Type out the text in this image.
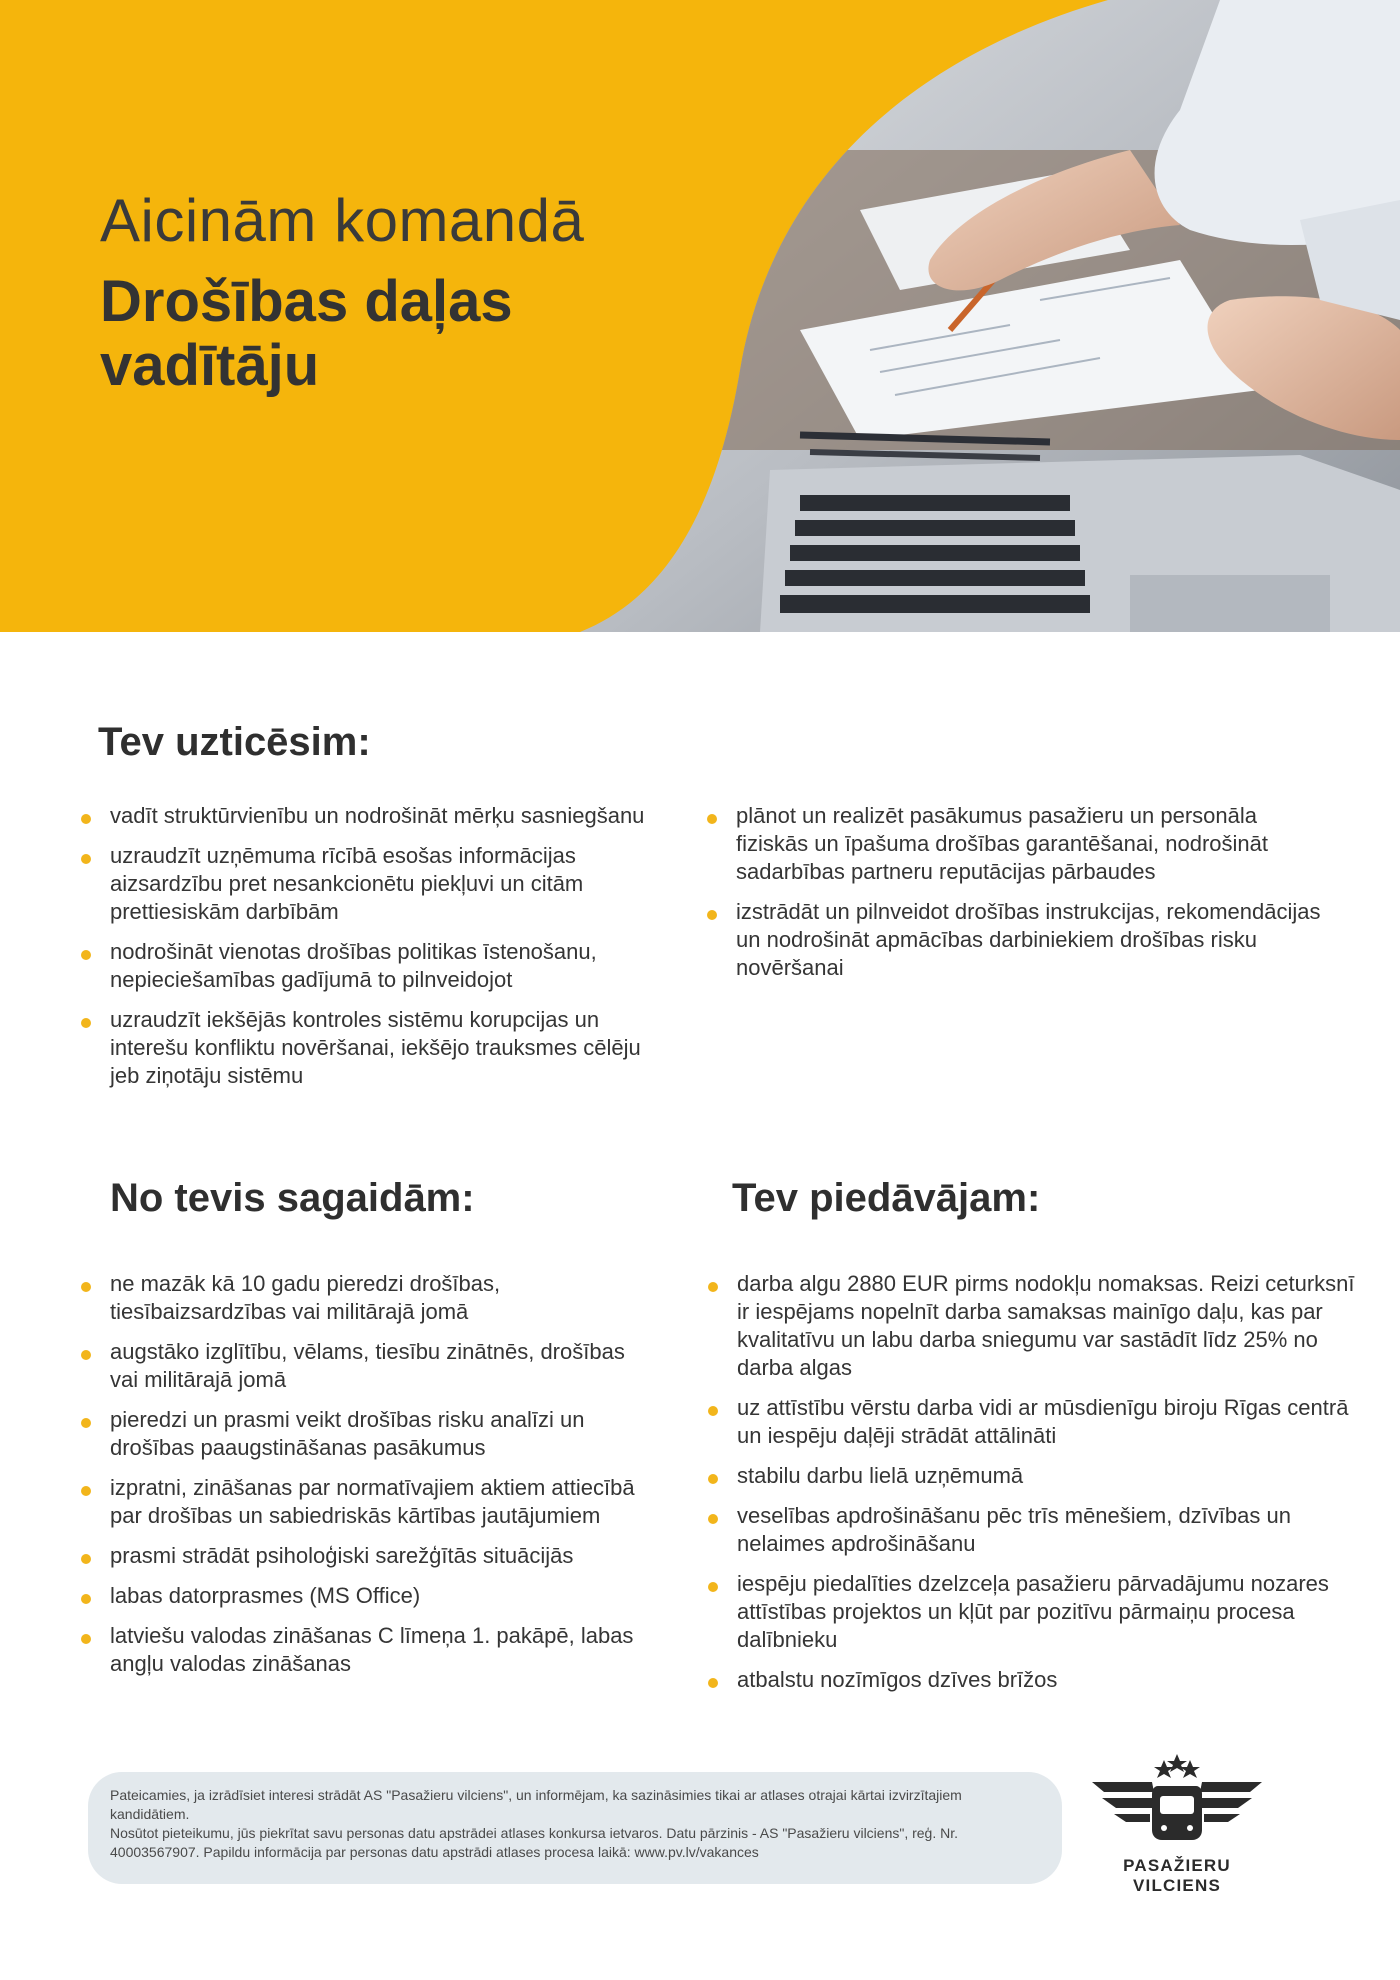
Aicinām komandā
Drošības daļas
vadītāju
Tev uzticēsim:
vadīt struktūrvienību un nodrošināt mērķu sasniegšanu
uzraudzīt uzņēmuma rīcībā esošas informācijas aizsardzību pret nesankcionētu piekļuvi un citām prettiesiskām darbībām
nodrošināt vienotas drošības politikas īstenošanu, nepieciešamības gadījumā to pilnveidojot
uzraudzīt iekšējās kontroles sistēmu korupcijas un interešu konfliktu novēršanai, iekšējo trauksmes cēlēju jeb ziņotāju sistēmu
plānot un realizēt pasākumus pasažieru un personāla fiziskās un īpašuma drošības garantēšanai, nodrošināt sadarbības partneru reputācijas pārbaudes
izstrādāt un pilnveidot drošības instrukcijas, rekomendācijas un nodrošināt apmācības darbiniekiem drošības risku novēršanai
No tevis sagaidām:
ne mazāk kā 10 gadu pieredzi drošības, tiesībaizsardzības vai militārajā jomā
augstāko izglītību, vēlams, tiesību zinātnēs, drošības vai militārajā jomā
pieredzi un prasmi veikt drošības risku analīzi un drošības paaugstināšanas pasākumus
izpratni, zināšanas par normatīvajiem aktiem attiecībā par drošības un sabiedriskās kārtības jautājumiem
prasmi strādāt psiholoģiski sarežģītās situācijās
labas datorprasmes (MS Office)
latviešu valodas zināšanas C līmeņa 1. pakāpē, labas angļu valodas zināšanas
Tev piedāvājam:
darba algu 2880 EUR pirms nodokļu nomaksas. Reizi ceturksnī ir iespējams nopelnīt darba samaksas mainīgo daļu, kas par kvalitatīvu un labu darba sniegumu var sastādīt līdz 25% no darba algas
uz attīstību vērstu darba vidi ar mūsdienīgu biroju Rīgas centrā un iespēju daļēji strādāt attālināti
stabilu darbu lielā uzņēmumā
veselības apdrošināšanu pēc trīs mēnešiem, dzīvības un nelaimes apdrošināšanu
iespēju piedalīties dzelzceļa pasažieru pārvadājumu nozares attīstības projektos un kļūt par pozitīvu pārmaiņu procesa dalībnieku
atbalstu nozīmīgos dzīves brīžos

Pateicamies, ja izrādīsiet interesi strādāt AS "Pasažieru vilciens", un informējam, ka sazināsimies tikai ar atlases otrajai kārtai izvirzītajiem kandidātiem.

Nosūtot pieteikumu, jūs piekrītat savu personas datu apstrādei atlases konkursa ietvaros. Datu pārzinis - AS "Pasažieru vilciens", reģ. Nr. 40003567907. Papildu informācija par personas datu apstrādi atlases procesa laikā: www.pv.lv/vakances

PASAŽIERU VILCIENS
